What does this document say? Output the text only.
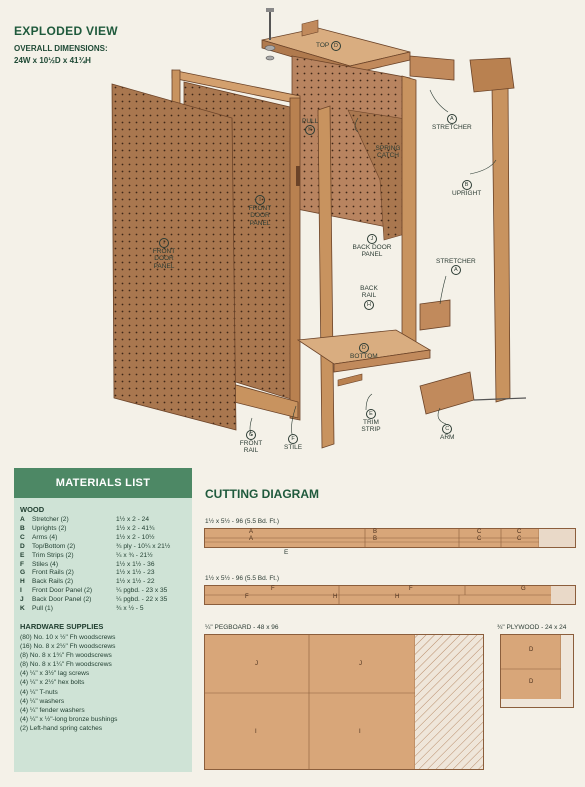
EXPLODED VIEW
OVERALL DIMENSIONS:
24W x 10½D x 41¾H
TOP D
A
STRETCHER
PULL
K
SPRING CATCH
B
UPRIGHT
I
FRONT DOOR PANEL
I
FRONT DOOR PANEL
J
BACK DOOR PANEL
STRETCHER
A
BACK RAIL
H
D
BOTTOM
E
TRIM STRIP	C
ARM
G
FRONT RAIL
F
STILE
MATERIALS LIST
WOOD
A	Stretcher (2)	1½ x 2 - 24
B	Uprights (2)	1½ x 2 - 41¾
C	Arms (4)	1½ x 2 - 10½
D	Top/Bottom (2)	¾ ply - 10¼ x 21½
E	Trim Strips (2)	¼ x ¾ - 21½
F	Stiles (4)	1½ x 1½ - 36
G	Front Rails (2)	1½ x 1½ - 23
H	Back Rails (2)	1½ x 1½ - 22
I	Front Door Panel (2)	¼ pgbd. - 23 x 35
J	Back Door Panel (2)	¼ pgbd. - 22 x 35
K	Pull (1)	¾ x ½ - 5
HARDWARE SUPPLIES
(80) No. 10 x ½" Fh woodscrews
(16) No. 8 x 2½" Fh woodscrews
(8) No. 8 x 1¾" Fh woodscrews
(8) No. 8 x 1¼" Fh woodscrews
(4) ¼" x 3½" lag screws
(4) ¼" x 2½" hex bolts
(4) ¼" T-nuts
(4) ¼" washers
(4) ¼" fender washers
(4) ¼" x ½"-long bronze bushings
(2) Left-hand spring catches
CUTTING DIAGRAM
1½ x 5½ - 96 (5.5 Bd. Ft.)
A
A
B
B
C
C
C
C
E
1½ x 5½ - 96 (5.5 Bd. Ft.)
F
F	H	H
F	G
¼" PEGBOARD - 48 x 96
J	J
I	I
¾" PLYWOOD - 24 x 24
D
D
